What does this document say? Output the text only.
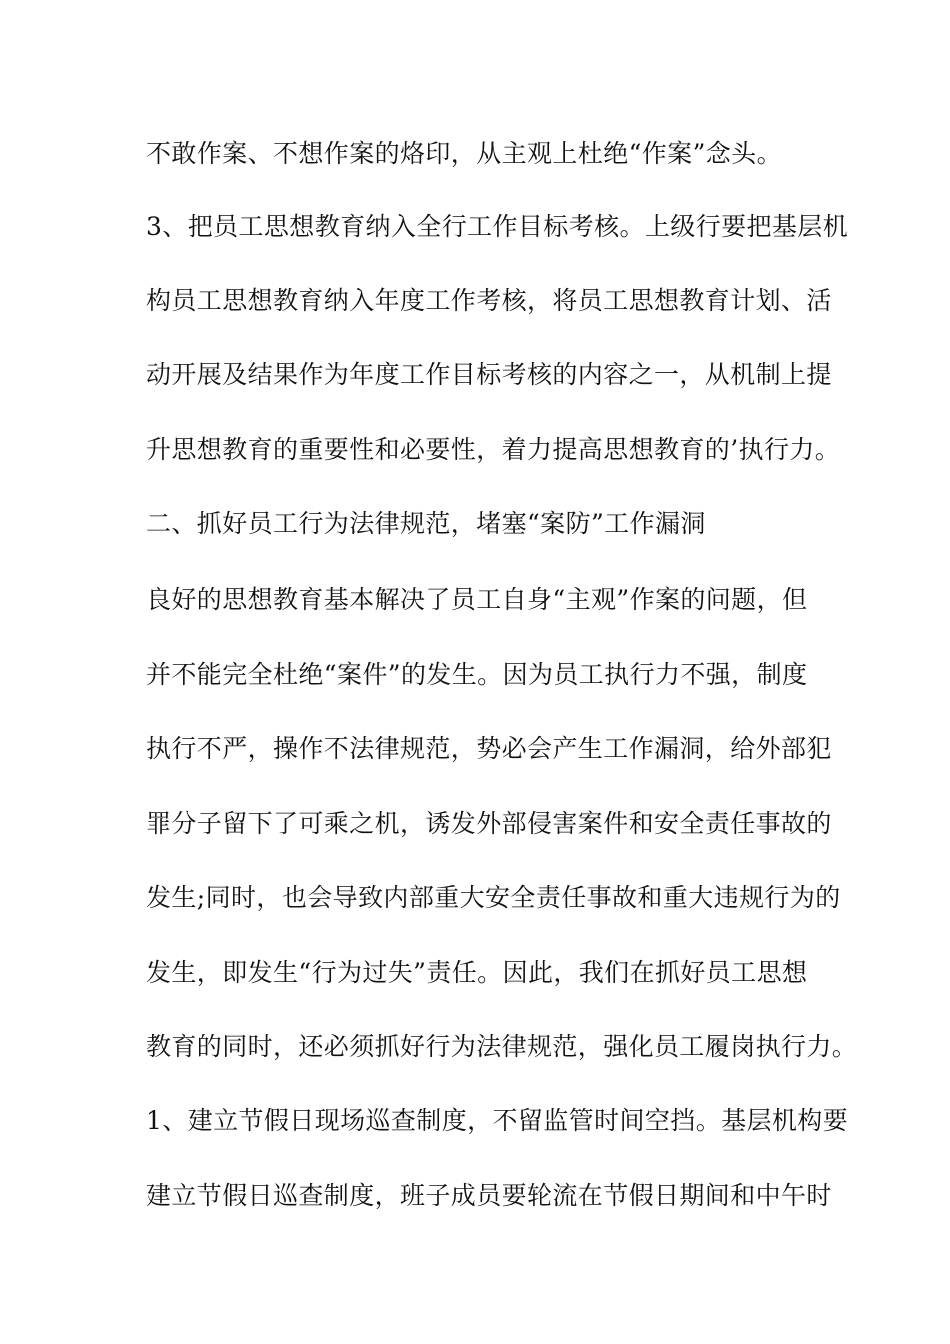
不敢作案、不想作案的烙印，从主观上杜绝“作案”念头。
3、把员工思想教育纳入全行工作目标考核。上级行要把基层机
构员工思想教育纳入年度工作考核，将员工思想教育计划、活
动开展及结果作为年度工作目标考核的内容之一，从机制上提
升思想教育的重要性和必要性，着力提高思想教育的’执行力。
二、抓好员工行为法律规范，堵塞“案防”工作漏洞
良好的思想教育基本解决了员工自身“主观”作案的问题，但
并不能完全杜绝“案件”的发生。因为员工执行力不强，制度
执行不严，操作不法律规范，势必会产生工作漏洞，给外部犯
罪分子留下了可乘之机，诱发外部侵害案件和安全责任事故的
发生;同时，也会导致内部重大安全责任事故和重大违规行为的
发生，即发生“行为过失”责任。因此，我们在抓好员工思想
教育的同时，还必须抓好行为法律规范，强化员工履岗执行力。
1、建立节假日现场巡查制度，不留监管时间空挡。基层机构要
建立节假日巡查制度，班子成员要轮流在节假日期间和中午时
